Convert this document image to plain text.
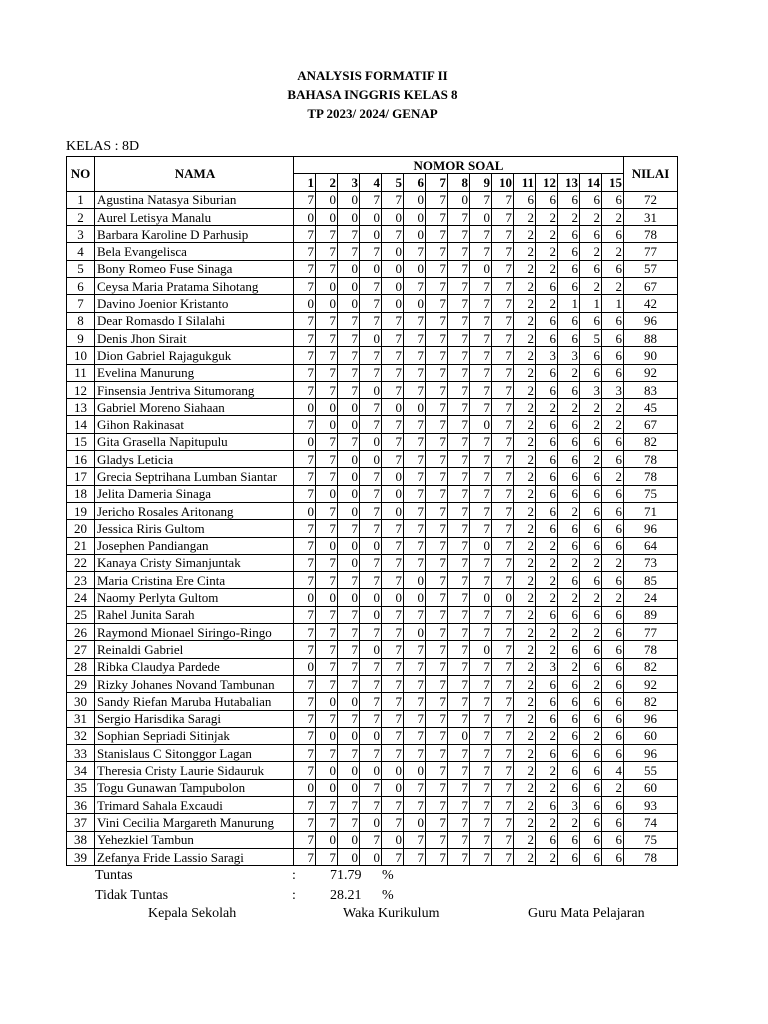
ANALYSIS FORMATIF II
BAHASA INGGRIS KELAS 8
TP 2023/ 2024/ GENAP
KELAS : 8D
NO	NAMA	NOMOR SOAL															NILAI
		1	2	3	4	5	6	7	8	9	10	11	12	13	14	15	
1	Agustina Natasya Siburian	7	0	0	7	7	0	7	0	7	7	6	6	6	6	6	72
2	Aurel Letisya Manalu	0	0	0	0	0	0	7	7	0	7	2	2	2	2	2	31
3	Barbara Karoline D Parhusip	7	7	7	0	7	0	7	7	7	7	2	2	6	6	6	78
4	Bela Evangelisca	7	7	7	7	0	7	7	7	7	7	2	2	6	2	2	77
5	Bony Romeo Fuse Sinaga	7	7	0	0	0	0	7	7	0	7	2	2	6	6	6	57
6	Ceysa Maria Pratama Sihotang	7	0	0	7	0	7	7	7	7	7	2	6	6	2	2	67
7	Davino Joenior Kristanto	0	0	0	7	0	0	7	7	7	7	2	2	1	1	1	42
8	Dear Romasdo I Silalahi	7	7	7	7	7	7	7	7	7	7	2	6	6	6	6	96
9	Denis Jhon Sirait	7	7	7	0	7	7	7	7	7	7	2	6	6	5	6	88
10	Dion Gabriel Rajagukguk	7	7	7	7	7	7	7	7	7	7	2	3	3	6	6	90
11	Evelina Manurung	7	7	7	7	7	7	7	7	7	7	2	6	2	6	6	92
12	Finsensia Jentriva Situmorang	7	7	7	0	7	7	7	7	7	7	2	6	6	3	3	83
13	Gabriel Moreno Siahaan	0	0	0	7	0	0	7	7	7	7	2	2	2	2	2	45
14	Gihon Rakinasat	7	0	0	7	7	7	7	7	0	7	2	6	6	2	2	67
15	Gita Grasella Napitupulu	0	7	7	0	7	7	7	7	7	7	2	6	6	6	6	82
16	Gladys Leticia	7	7	0	0	7	7	7	7	7	7	2	6	6	2	6	78
17	Grecia Septrihana Lumban Siantar	7	7	0	7	0	7	7	7	7	7	2	6	6	6	2	78
18	Jelita Dameria Sinaga	7	0	0	7	0	7	7	7	7	7	2	6	6	6	6	75
19	Jericho Rosales Aritonang	0	7	0	7	0	7	7	7	7	7	2	6	2	6	6	71
20	Jessica Riris Gultom	7	7	7	7	7	7	7	7	7	7	2	6	6	6	6	96
21	Josephen Pandiangan	7	0	0	0	7	7	7	7	0	7	2	2	6	6	6	64
22	Kanaya Cristy Simanjuntak	7	7	0	7	7	7	7	7	7	7	2	2	2	2	2	73
23	Maria Cristina Ere Cinta	7	7	7	7	7	0	7	7	7	7	2	2	6	6	6	85
24	Naomy Perlyta Gultom	0	0	0	0	0	0	7	7	0	0	2	2	2	2	2	24
25	Rahel Junita Sarah	7	7	7	0	7	7	7	7	7	7	2	6	6	6	6	89
26	Raymond Mionael Siringo-Ringo	7	7	7	7	7	0	7	7	7	7	2	2	2	2	6	77
27	Reinaldi Gabriel	7	7	7	0	7	7	7	7	0	7	2	2	6	6	6	78
28	Ribka Claudya Pardede	0	7	7	7	7	7	7	7	7	7	2	3	2	6	6	82
29	Rizky Johanes Novand Tambunan	7	7	7	7	7	7	7	7	7	7	2	6	6	2	6	92
30	Sandy Riefan Maruba Hutabalian	7	0	0	7	7	7	7	7	7	7	2	6	6	6	6	82
31	Sergio Harisdika Saragi	7	7	7	7	7	7	7	7	7	7	2	6	6	6	6	96
32	Sophian Sepriadi Sitinjak	7	0	0	0	7	7	7	0	7	7	2	2	6	2	6	60
33	Stanislaus C Sitonggor Lagan	7	7	7	7	7	7	7	7	7	7	2	6	6	6	6	96
34	Theresia Cristy Laurie Sidauruk	7	0	0	0	0	0	7	7	7	7	2	2	6	6	4	55
35	Togu Gunawan Tampubolon	0	0	0	7	0	7	7	7	7	7	2	2	6	6	2	60
36	Trimard Sahala Excaudi	7	7	7	7	7	7	7	7	7	7	2	6	3	6	6	93
37	Vini Cecilia Margareth Manurung	7	7	7	0	7	0	7	7	7	7	2	2	2	6	6	74
38	Yehezkiel Tambun	7	0	0	7	0	7	7	7	7	7	2	6	6	6	6	75
39	Zefanya Fride Lassio Saragi	7	7	0	0	7	7	7	7	7	7	2	2	6	6	6	78
Tuntas	: 71.79 %
Tidak Tuntas	: 28.21 %
Kepala Sekolah	Waka Kurikulum	Guru Mata Pelajaran
